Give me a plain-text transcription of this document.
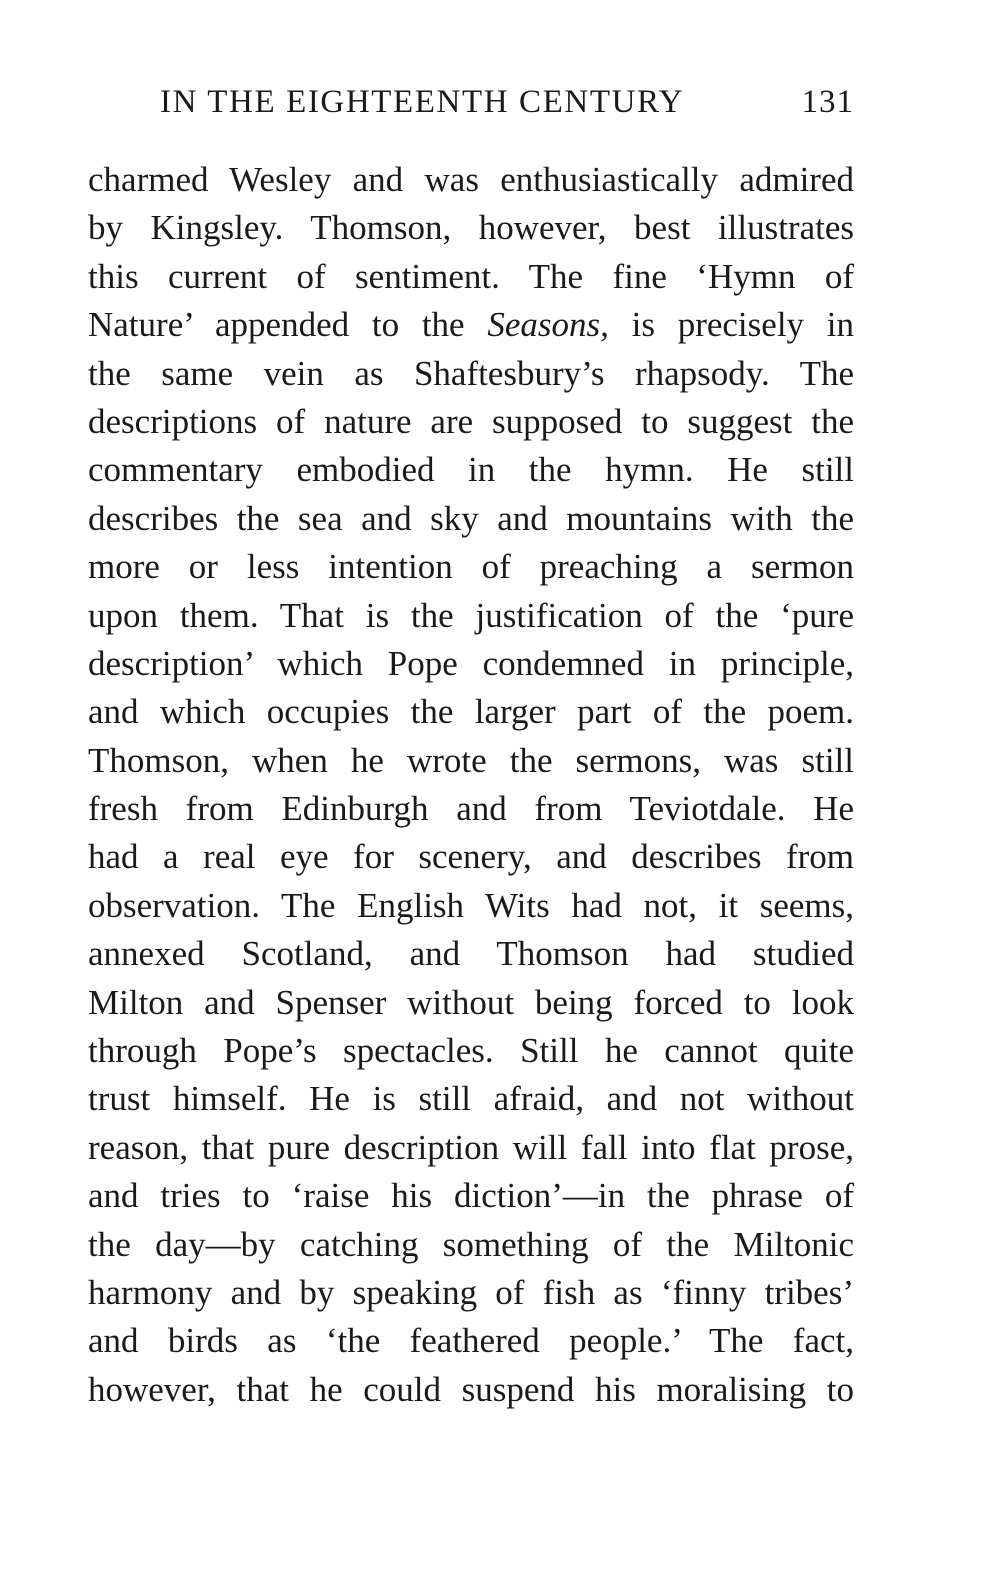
IN THE EIGHTEENTH CENTURY	131
charmed Wesley and was enthusiastically admired
by Kingsley. Thomson, however, best illustrates
this current of sentiment. The fine ‘Hymn of
Nature’ appended to the Seasons, is precisely in
the same vein as Shaftesbury’s rhapsody. The
descriptions of nature are supposed to suggest the
commentary embodied in the hymn. He still
describes the sea and sky and mountains with the
more or less intention of preaching a sermon
upon them. That is the justification of the ‘pure
description’ which Pope condemned in principle,
and which occupies the larger part of the poem.
Thomson, when he wrote the sermons, was still
fresh from Edinburgh and from Teviotdale. He
had a real eye for scenery, and describes from
observation. The English Wits had not, it seems,
annexed Scotland, and Thomson had studied
Milton and Spenser without being forced to look
through Pope’s spectacles. Still he cannot quite
trust himself. He is still afraid, and not without
reason, that pure description will fall into flat prose,
and tries to ‘raise his diction’—in the phrase of
the day—by catching something of the Miltonic
harmony and by speaking of fish as ‘finny tribes’
and birds as ‘the feathered people.’ The fact,
however, that he could suspend his moralising to
